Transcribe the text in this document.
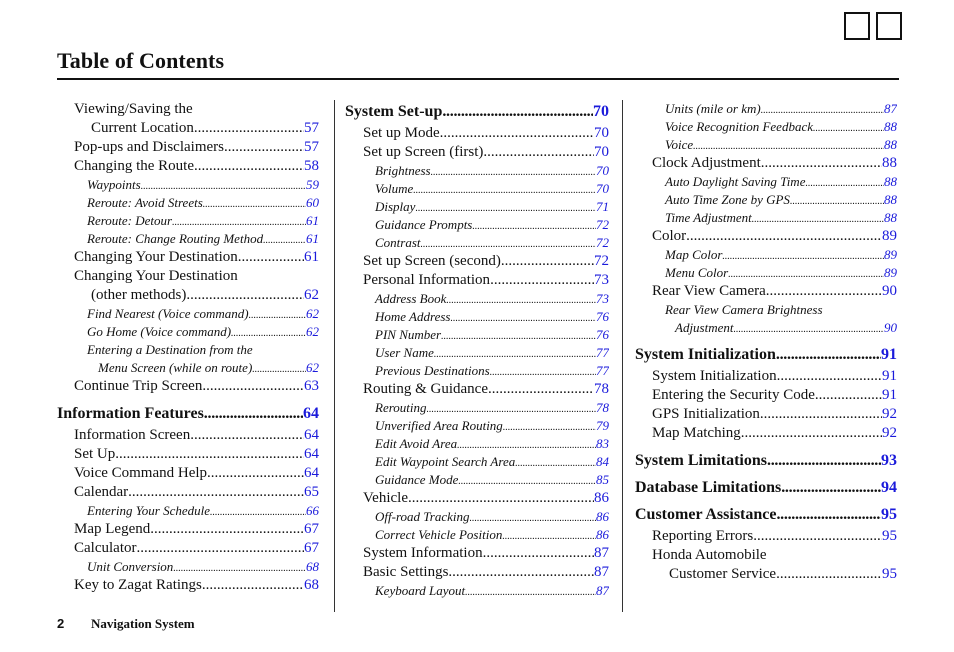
Table of Contents
Viewing/Saving the
Current Location .....	57
Pop-ups and Disclaimers .....	57
Changing the Route .....	58
Waypoints .....	59
Reroute: Avoid Streets .....	60
Reroute: Detour .....	61
Reroute: Change Routing Method .....	61
Changing Your Destination .....	61
Changing Your Destination
(other methods) .....	62
Find Nearest (Voice command) .....	62
Go Home (Voice command) .....	62
Entering a Destination from the
Menu Screen (while on route) .....	62
Continue Trip Screen .....	63
Information Features .....	64
Information Screen .....	64
Set Up .....	64
Voice Command Help .....	64
Calendar .....	65
Entering Your Schedule .....	66
Map Legend .....	67
Calculator .....	67
Unit Conversion .....	68
Key to Zagat Ratings .....	68
System Set-up .....	70
Set up Mode .....	70
Set up Screen (first) .....	70
Brightness .....	70
Volume .....	70
Display .....	71
Guidance Prompts .....	72
Contrast .....	72
Set up Screen (second) .....	72
Personal Information .....	73
Address Book .....	73
Home Address .....	76
PIN Number .....	76
User Name .....	77
Previous Destinations .....	77
Routing & Guidance .....	78
Rerouting .....	78
Unverified Area Routing .....	79
Edit Avoid Area .....	83
Edit Waypoint Search Area .....	84
Guidance Mode .....	85
Vehicle .....	86
Off-road Tracking .....	86
Correct Vehicle Position .....	86
System Information .....	87
Basic Settings .....	87
Keyboard Layout .....	87
Units (mile or km) .....	87
Voice Recognition Feedback .....	88
Voice .....	88
Clock Adjustment .....	88
Auto Daylight Saving Time .....	88
Auto Time Zone by GPS .....	88
Time Adjustment .....	88
Color .....	89
Map Color .....	89
Menu Color .....	89
Rear View Camera .....	90
Rear View Camera Brightness
Adjustment .....	90
System Initialization .....	91
System Initialization .....	91
Entering the Security Code .....	91
GPS Initialization .....	92
Map Matching .....	92
System Limitations .....	93
Database Limitations .....	94
Customer Assistance .....	95
Reporting Errors .....	95
Honda Automobile
Customer Service .....	95
2 Navigation System
